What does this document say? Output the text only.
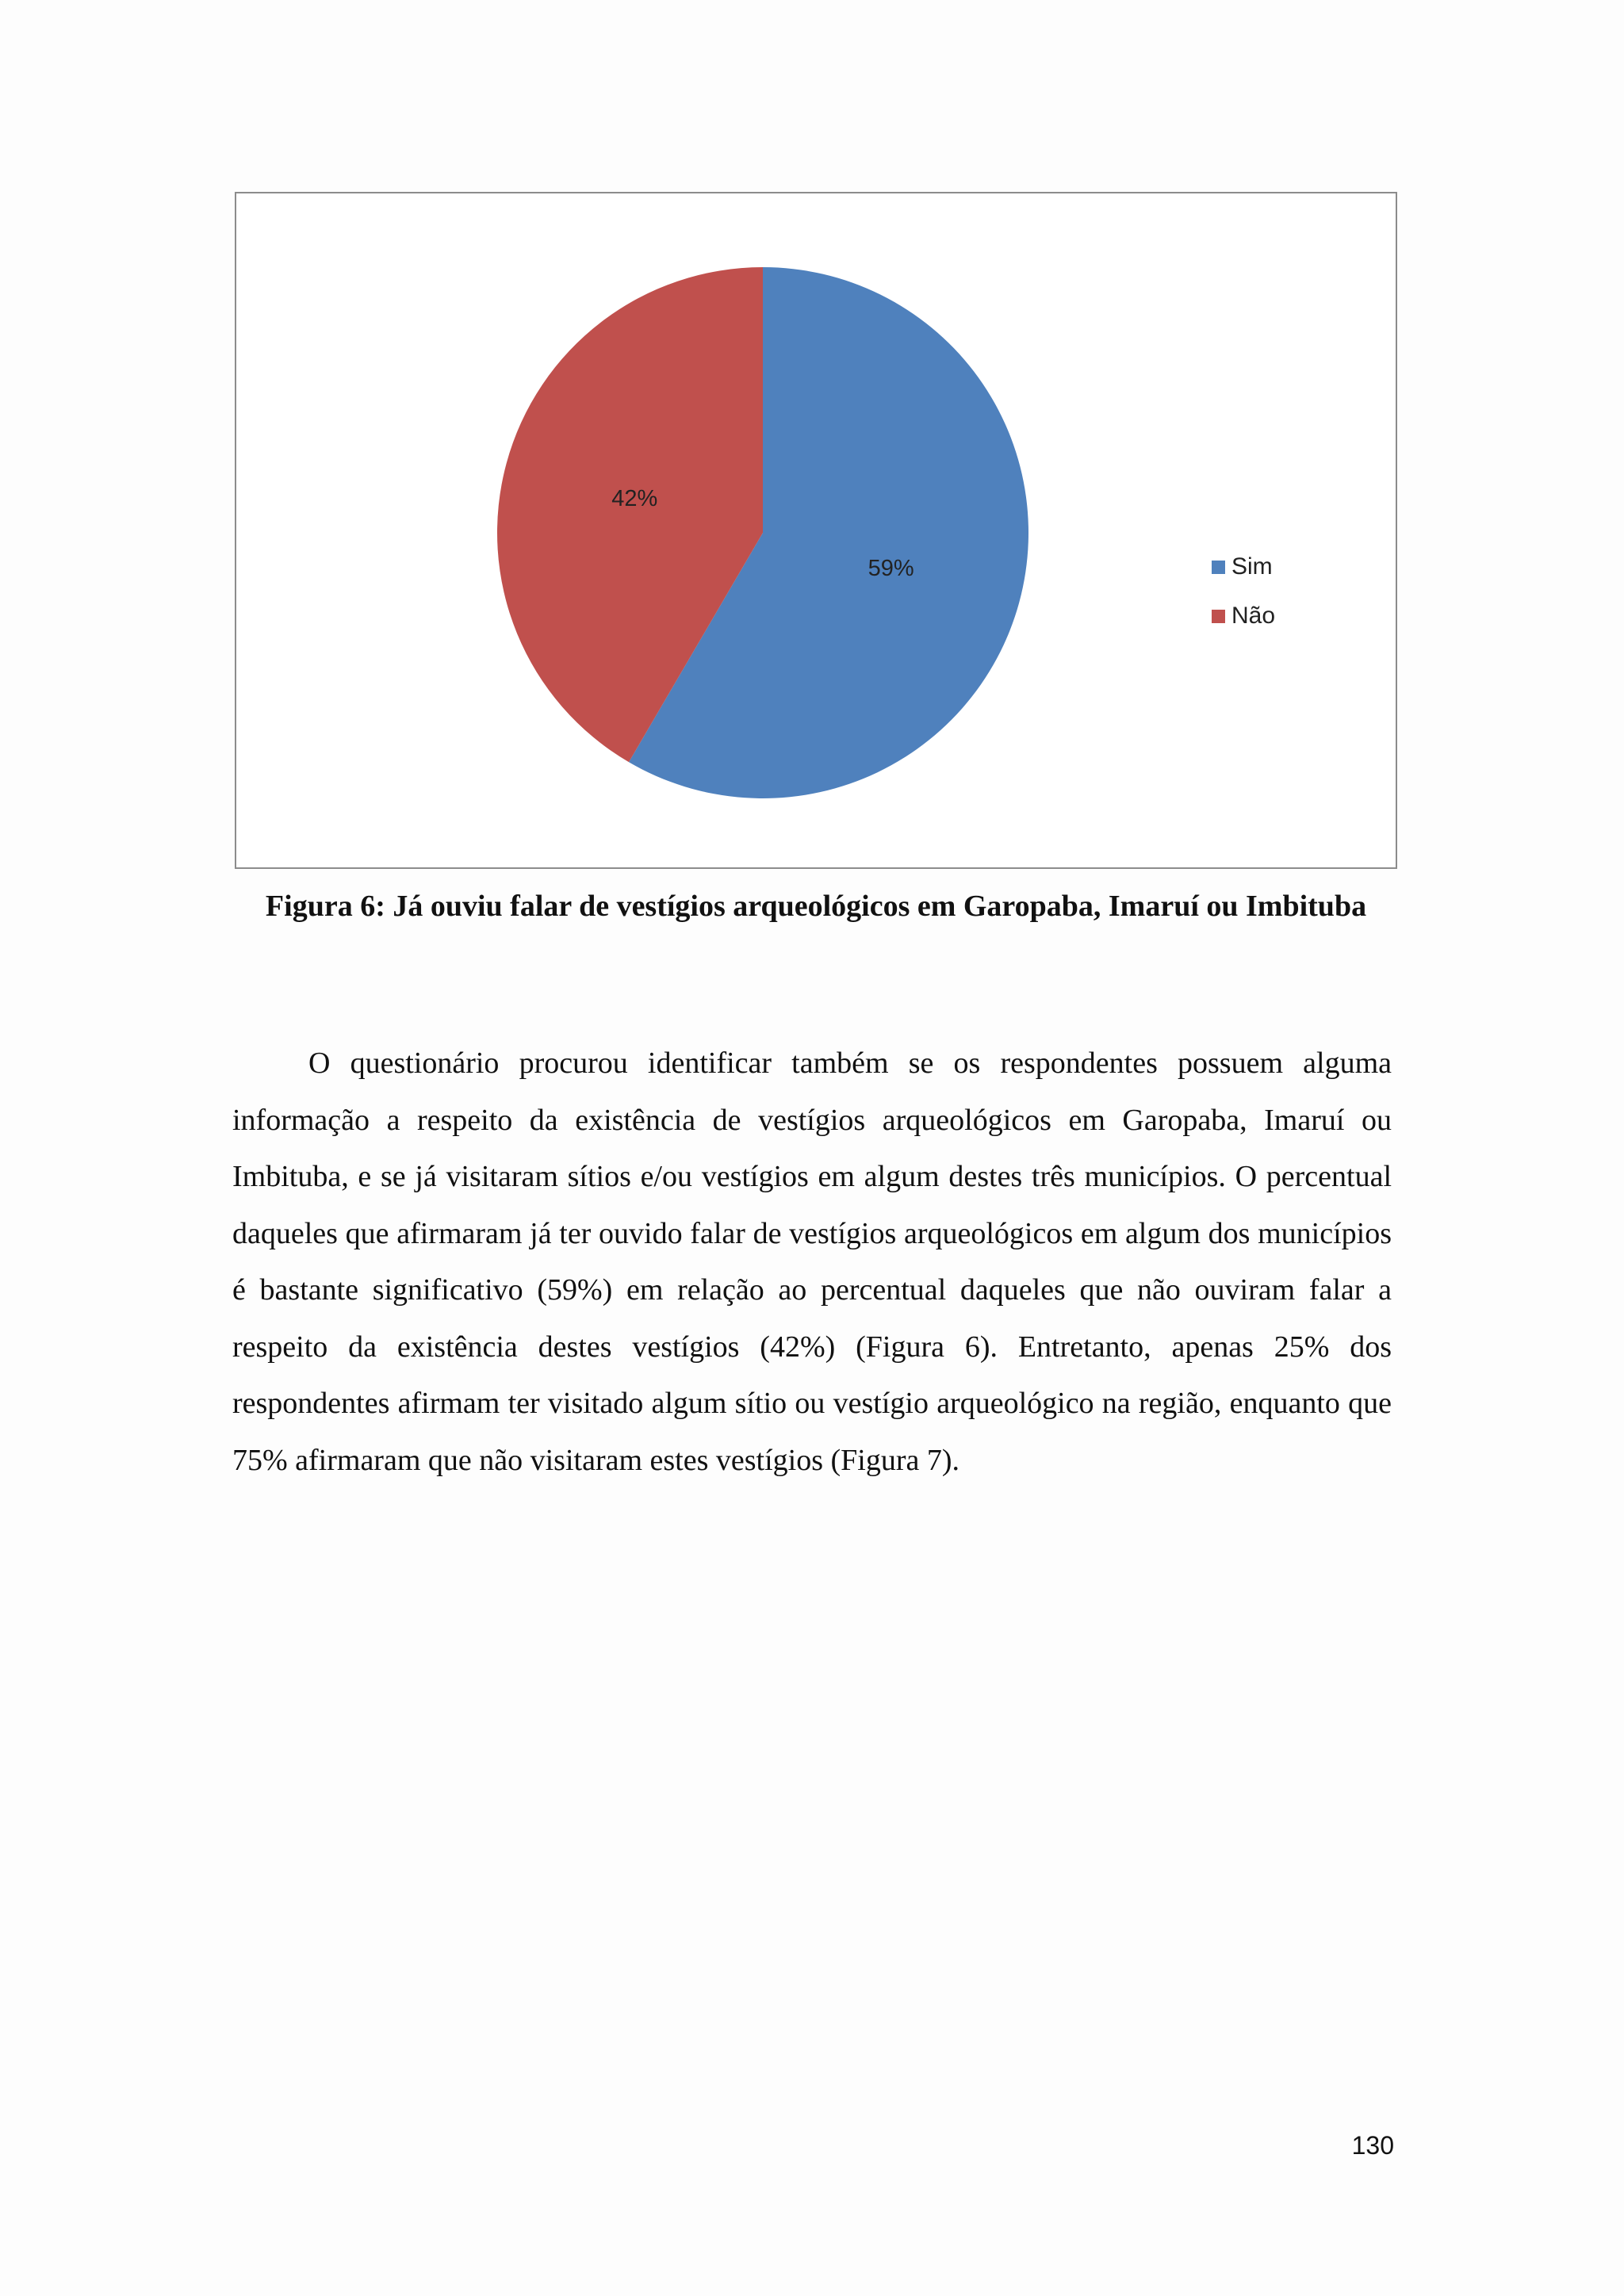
59%
42%
Sim
Não
Figura 6: Já ouviu falar de vestígios arqueológicos em Garopaba, Imaruí ou Imbituba

O questionário procurou identificar também se os respondentes possuem alguma informação a respeito da existência de vestígios arqueológicos em Garopaba, Imaruí ou Imbituba, e se já visitaram sítios e/ou vestígios em algum destes três municípios. O percentual daqueles que afirmaram já ter ouvido falar de vestígios arqueológicos em algum dos municípios é bastante significativo (59%) em relação ao percentual daqueles que não ouviram falar a respeito da existência destes vestígios (42%) (Figura 6). Entretanto, apenas 25% dos respondentes afirmam ter visitado algum sítio ou vestígio arqueológico na região, enquanto que 75% afirmaram que não visitaram estes vestígios (Figura 7).

130
